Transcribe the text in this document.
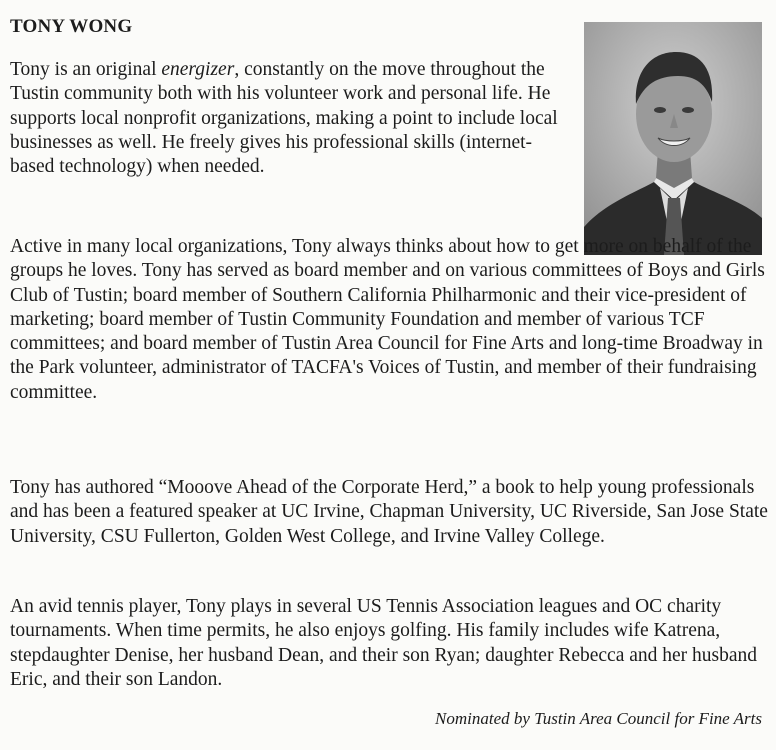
TONY WONG

Tony is an original energizer, constantly on the move throughout the Tustin community both with his volunteer work and personal life. He supports local nonprofit organizations, making a point to include local businesses as well. He freely gives his professional skills (internet-based technology) when needed.

Active in many local organizations, Tony always thinks about how to get more on behalf of the groups he loves. Tony has served as board member and on various committees of Boys and Girls Club of Tustin; board member of Southern California Philharmonic and their vice-president of marketing; board member of Tustin Community Foundation and member of various TCF committees; and board member of Tustin Area Council for Fine Arts and long-time Broadway in the Park volunteer, administrator of TACFA's Voices of Tustin, and member of their fundraising committee.

Tony has authored “Mooove Ahead of the Corporate Herd,” a book to help young professionals and has been a featured speaker at UC Irvine, Chapman University, UC Riverside, San Jose State University, CSU Fullerton, Golden West College, and Irvine Valley College.

An avid tennis player, Tony plays in several US Tennis Association leagues and OC charity tournaments. When time permits, he also enjoys golfing. His family includes wife Katrena, stepdaughter Denise, her husband Dean, and their son Ryan; daughter Rebecca and her husband Eric, and their son Landon.

Nominated by Tustin Area Council for Fine Arts
